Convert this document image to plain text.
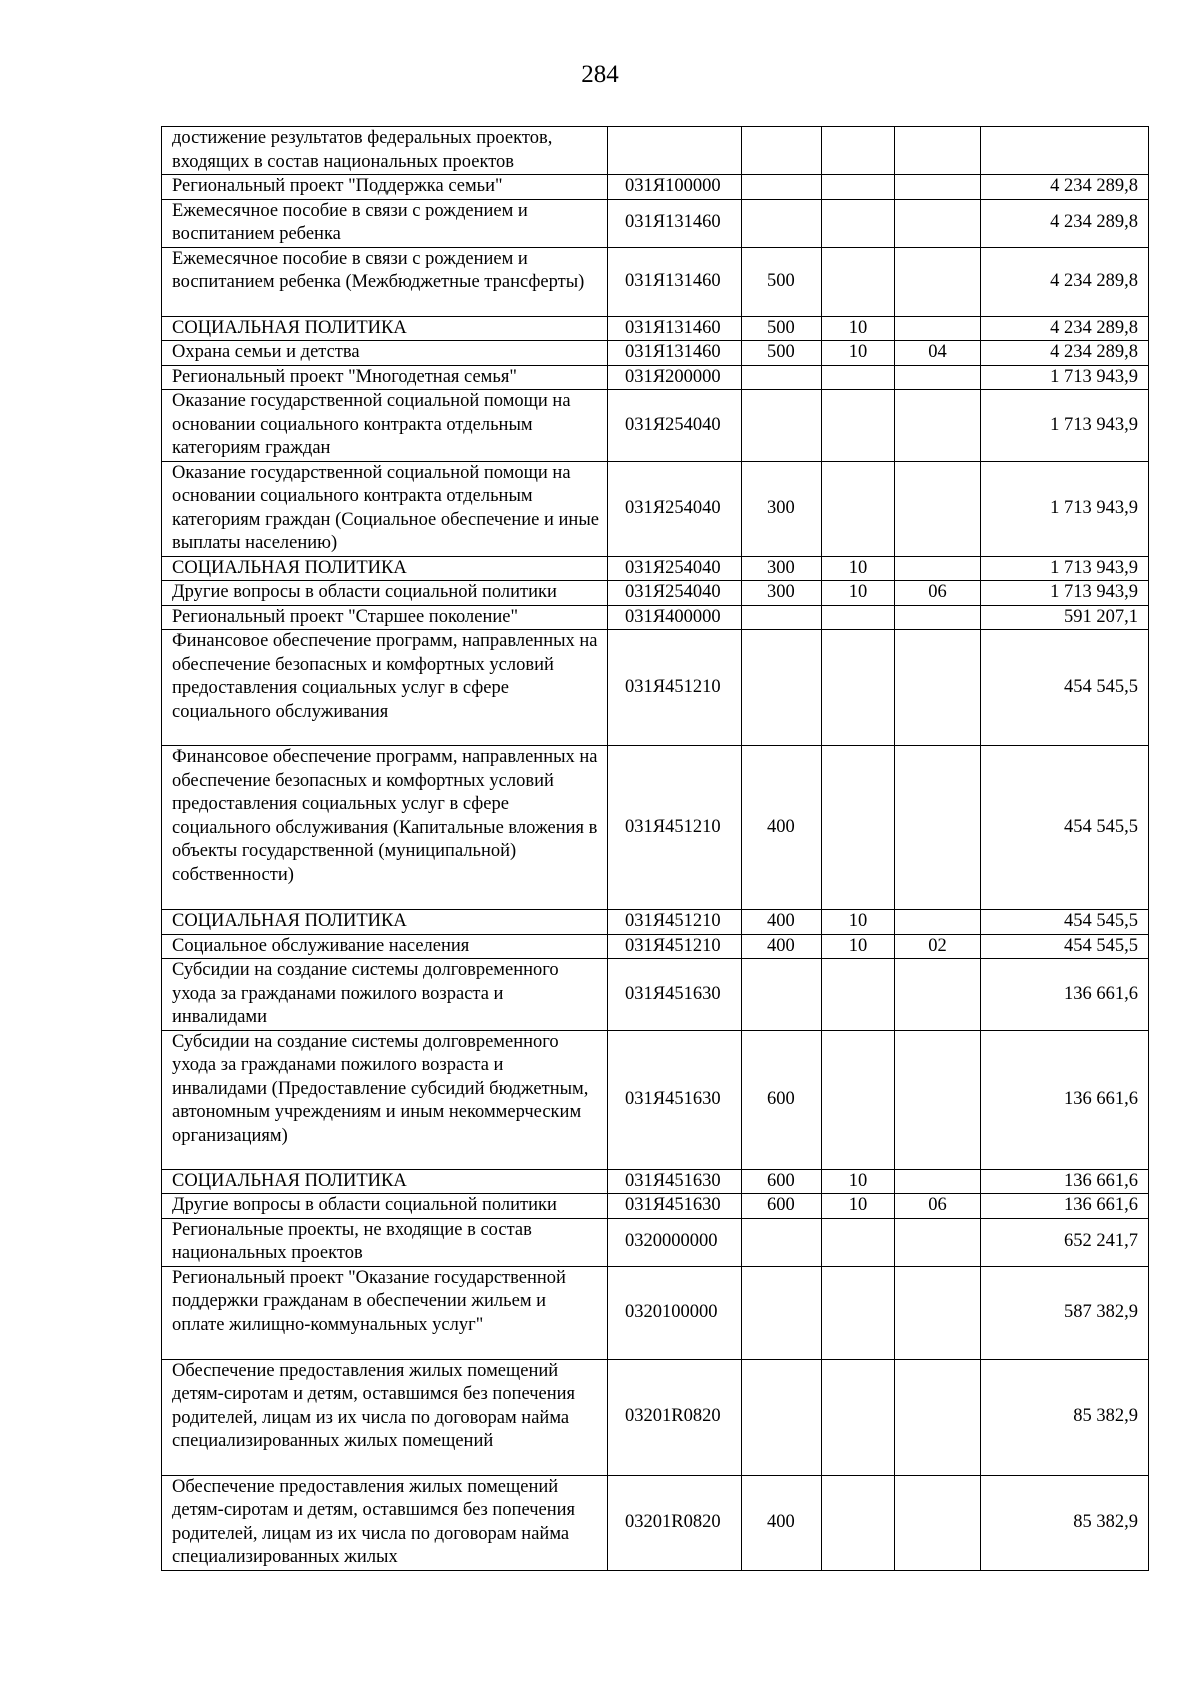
284
достижение результатов федеральных проектов, входящих в состав национальных проектов					
Региональный проект "Поддержка семьи"	031Я100000				4 234 289,8
Ежемесячное пособие в связи с рождением и воспитанием ребенка	031Я131460				4 234 289,8
Ежемесячное пособие в связи с рождением и воспитанием ребенка (Межбюджетные трансферты)	031Я131460	500			4 234 289,8
СОЦИАЛЬНАЯ ПОЛИТИКА	031Я131460	500	10		4 234 289,8
Охрана семьи и детства	031Я131460	500	10	04	4 234 289,8
Региональный проект "Многодетная семья"	031Я200000				1 713 943,9
Оказание государственной социальной помощи на основании социального контракта отдельным категориям граждан	031Я254040				1 713 943,9
Оказание государственной социальной помощи на основании социального контракта отдельным категориям граждан (Социальное обеспечение и иные выплаты населению)	031Я254040	300			1 713 943,9
СОЦИАЛЬНАЯ ПОЛИТИКА	031Я254040	300	10		1 713 943,9
Другие вопросы в области социальной политики	031Я254040	300	10	06	1 713 943,9
Региональный проект "Старшее поколение"	031Я400000				591 207,1
Финансовое обеспечение программ, направленных на обеспечение безопасных и комфортных условий предоставления социальных услуг в сфере социального обслуживания	031Я451210				454 545,5
Финансовое обеспечение программ, направленных на обеспечение безопасных и комфортных условий предоставления социальных услуг в сфере социального обслуживания (Капитальные вложения в объекты государственной (муниципальной) собственности)	031Я451210	400			454 545,5
СОЦИАЛЬНАЯ ПОЛИТИКА	031Я451210	400	10		454 545,5
Социальное обслуживание населения	031Я451210	400	10	02	454 545,5
Субсидии на создание системы долговременного ухода за гражданами пожилого возраста и инвалидами	031Я451630				136 661,6
Субсидии на создание системы долговременного ухода за гражданами пожилого возраста и инвалидами (Предоставление субсидий бюджетным, автономным учреждениям и иным некоммерческим организациям)	031Я451630	600			136 661,6
СОЦИАЛЬНАЯ ПОЛИТИКА	031Я451630	600	10		136 661,6
Другие вопросы в области социальной политики	031Я451630	600	10	06	136 661,6
Региональные проекты, не входящие в состав национальных проектов	0320000000				652 241,7
Региональный проект "Оказание государственной поддержки гражданам в обеспечении жильем и оплате жилищно-коммунальных услуг"	0320100000				587 382,9
Обеспечение предоставления жилых помещений детям-сиротам и детям, оставшимся без попечения родителей, лицам из их числа по договорам найма специализированных жилых помещений	03201R0820				85 382,9
Обеспечение предоставления жилых помещений детям-сиротам и детям, оставшимся без попечения родителей, лицам из их числа по договорам найма специализированных жилых	03201R0820	400			85 382,9
